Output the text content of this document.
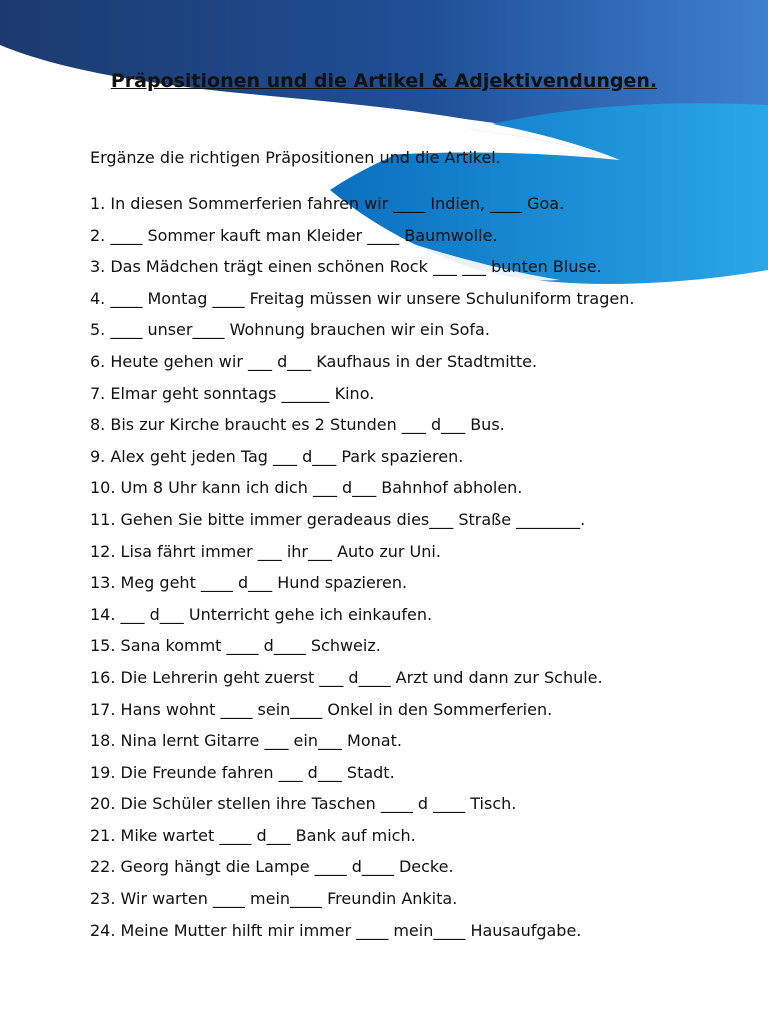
Präpositionen und die Artikel & Adjektivendungen.
Ergänze die richtigen Präpositionen und die Artikel.
1. In diesen Sommerferien fahren wir ____ Indien, ____ Goa.
2. ____ Sommer kauft man Kleider ____ Baumwolle.
3. Das Mädchen trägt einen schönen Rock ___ ___ bunten Bluse.
4. ____ Montag ____ Freitag müssen wir unsere Schuluniform tragen.
5. ____ unser____ Wohnung brauchen wir ein Sofa.
6. Heute gehen wir ___ d___ Kaufhaus in der Stadtmitte.
7. Elmar geht sonntags ______ Kino.
8. Bis zur Kirche braucht es 2 Stunden ___ d___ Bus.
9. Alex geht jeden Tag ___ d___ Park spazieren.
10. Um 8 Uhr kann ich dich ___ d___ Bahnhof abholen.
11. Gehen Sie bitte immer geradeaus dies___ Straße ________.
12. Lisa fährt immer ___ ihr___ Auto zur Uni.
13. Meg geht ____ d___ Hund spazieren.
14. ___ d___ Unterricht gehe ich einkaufen.
15. Sana kommt ____ d____ Schweiz.
16. Die Lehrerin geht zuerst ___ d____ Arzt und dann zur Schule.
17. Hans wohnt ____ sein____ Onkel in den Sommerferien.
18. Nina lernt Gitarre ___ ein___ Monat.
19. Die Freunde fahren ___ d___ Stadt.
20. Die Schüler stellen ihre Taschen ____ d ____ Tisch.
21. Mike wartet ____ d___ Bank auf mich.
22. Georg hängt die Lampe ____ d____ Decke.
23. Wir warten ____ mein____ Freundin Ankita.
24. Meine Mutter hilft mir immer ____ mein____ Hausaufgabe.
